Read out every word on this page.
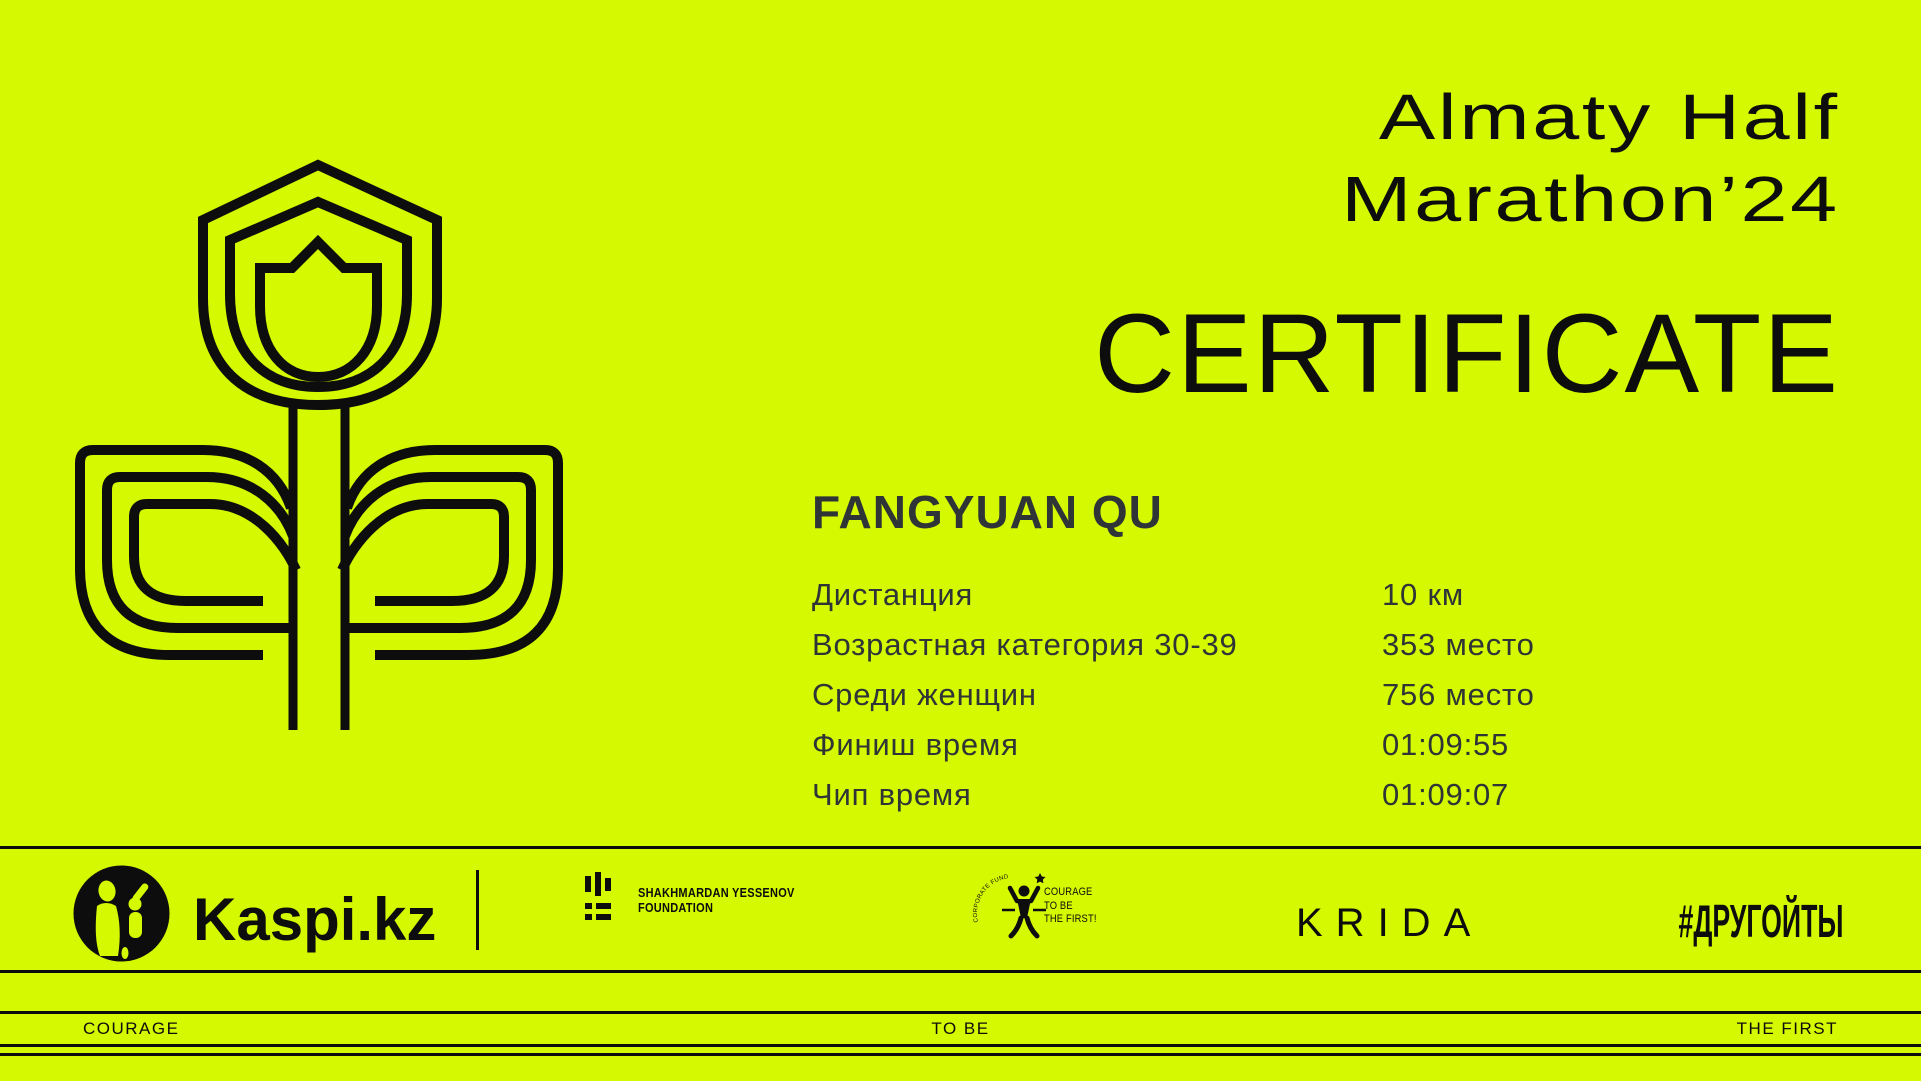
Almaty Half
Marathon’24
CERTIFICATE
FANGYUAN QU
Дистанция	10 км
Возрастная категория 30-39	353 место
Среди женщин	756 место
Финиш время	01:09:55
Чип время	01:09:07
Kaspi.kz	SHAKHMARDAN YESSENOV
FOUNDATION
CORPORATE FUND
COURAGE
TO BE
THE FIRST!	KRIDA	#ДРУГОЙТЫ
COURAGE	TO BE	THE FIRST
